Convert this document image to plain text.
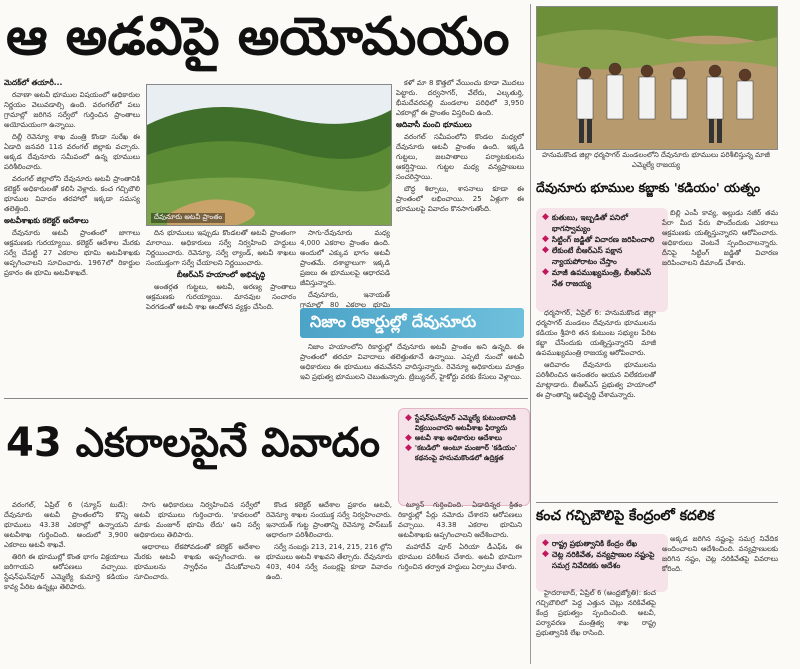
ఆ అడవిపై అయోమయం
మెదక్‌లో తయారీ...

రవాణా అటవీ భూముల విషయంలో అధికారుల నిర్ణయం వెలువడాల్సి ఉంది. వరంగల్‌లో పలు గ్రామాల్లో జరిగిన సర్వేలో గుర్తించిన ప్రాంతాలు అయోమయంగా ఉన్నాయి.

దిల్లీ రెవెన్యూ శాఖ మంత్రి కొండా సురేఖ ఈ ఏడాది జనవరి 11న వరంగల్ జిల్లాకు వచ్చారు. అక్కడ దేవునూరు సమీపంలో ఉన్న భూములు పరిశీలించారు.

వరంగల్ జిల్లాలోని దేవునూరు అటవీ ప్రాంతానికి కలెక్టర్ అధికారులతో కలిసి వెళ్లారు. కంచ గచ్చిబౌలి భూముల వివాదం తరహాలో ఇక్కడా సమస్య తలెత్తింది.

అటవీశాఖకు కలెక్టర్ ఆదేశాలు

దేవునూరు అటవీ ప్రాంతంలో జాగాలు ఆక్రమణకు గురయ్యాయి. కలెక్టర్ ఆదేశాల మేరకు సర్వే చేపట్టి 27 ఎకరాల భూమి అటవీశాఖకు అప్పగించాలని సూచించారు. 1967లో రికార్డుల ప్రకారం ఈ భూమి అటవీశాఖదే.

దేవునూరు అటవీ ప్రాంతం

దిన భూములు ఇప్పుడు కొండలతో అటవీ ప్రాంతంగా మారాయి. అధికారులు సర్వే నిర్వహించి హద్దులు నిర్ణయించారు. రెవెన్యూ, సర్వే ల్యాండ్, అటవీ శాఖలు సంయుక్తంగా సర్వే చేయాలని నిర్ణయించారు.

బీఆర్ఎస్ హయాంలో అభివృద్ధి

అంతర్గత గుట్టలు, అటవీ, అరణ్య ప్రాంతాలు ఆక్రమణకు గురయ్యాయి. మానవుల సంచారం పెరగడంతో అటవీ శాఖ ఆందోళన వ్యక్తం చేసింది.

సాగు-దేవునూరు మధ్య 4,000 ఎకరాల ప్రాంతం ఉంది. అందులో ఎక్కువ భాగం అటవీ ప్రాంతమే. దశాబ్దాలుగా ఇక్కడి ప్రజలు ఈ భూములపై ఆధారపడి జీవిస్తున్నారు.

దేవునూరు, ఇనాయత్ గ్రామాల్లో 80 ఎకరాల భూమి

కళో మా 8 కొత్తలో వేయించు కూడా మొదలు పెట్టారు. దర్వసాగర్, వేలేరు, ఎల్కతుర్తి, భీమదేవరపల్లి మండలాల పరిధిలో 3,950 ఎకరాల్లో ఈ ప్రాంతం విస్తరించి ఉంది.

ఆదివాసీ మంచి భూములు

వరంగల్ సమీపంలోని కొండల మధ్యలో దేవునూరు అటవీ ప్రాంతం ఉంది. ఇక్కడి గుట్టలు, జలపాతాలు పర్యాటకులను ఆకర్షిస్తాయి. గుట్టల మధ్య వన్యప్రాణులు సంచరిస్తాయి.

బౌద్ధ శిల్పాలు, శాసనాలు కూడా ఈ ప్రాంతంలో లభించాయి. 25 ఏళ్లుగా ఈ భూములపై వివాదం కొనసాగుతోంది.

నిజాం రికార్డుల్లో దేవునూరు

నిజాం హయాంలోని రికార్డుల్లో దేవునూరు అటవీ ప్రాంతం అని ఉన్నది. ఈ ప్రాంతంలో తరచూ వివాదాలు తలెత్తుతూనే ఉన్నాయి. ఎప్పటి నుంచో అటవీ అధికారులు ఈ భూములు తమవేనని వాదిస్తున్నారు. రెవెన్యూ అధికారులు మాత్రం ఇవి ప్రభుత్వ భూములని చెబుతున్నారు. ట్రిబ్యునల్, హైకోర్టు వరకు కేసులు వెళ్లాయి.

43 ఎకరాలపైనే వివాదం
◆ స్టేషన్‌ఘన్‌పూర్ ఎమ్మెల్యే కుటుంబానికి విక్రయించారని అటవీశాఖ ఫిర్యాదు
◆ అటవీ శాఖ అధికారుల ఆదేశాలు
◆ 'కబడిలో' అంటూ మంజూర్ 'కడియం' కథనంపై హనుమకొండలో ఉద్రిక్తత

వరంగల్, ఏప్రిల్ 6 (న్యూస్ టుడే): దేవునూరు అటవీ ప్రాంతంలోని కొన్ని భూములు 43.38 ఎకరాల్లో ఉన్నాయని అటవీశాఖ గుర్తించింది. అందులో 3,900 ఎకరాలు అటవీ శాఖవే.

తిరిగి ఈ భూముల్లో కొంత భాగం విక్రయాలు జరిగాయని ఆరోపణలు వచ్చాయి. స్టేషన్‌ఘన్‌పూర్ ఎమ్మెల్యే కుమార్తె కడియం కావ్య పేరిట ఉన్నట్లు తెలిపారు.

సాగు అధికారులు నిర్వహించిన సర్వేలో అటవీ భూములు గుర్తించారు. 'కావలంలో మాకు మంజూర్ భూమి లేదు' అని సర్వే అధికారులు తెలిపారు.

ఆధారాలు లేకపోవడంతో కలెక్టర్ ఆదేశాల మేరకు అటవీ శాఖకు అప్పగించారు. ఆ భూములను స్వాధీనం చేసుకోవాలని సూచించారు.

కొండ కలెక్టర్ ఆదేశాల ప్రకారం అటవీ, రెవెన్యూ శాఖల సంయుక్త సర్వే నిర్వహించారు. ఇనాయత్ గుట్ట ప్రాంతాన్ని రెవెన్యూ పాస్‌బుక్ ఆధారంగా పరిశీలించారు.

సర్వే నంబర్లు 213, 214, 215, 216 ల్లోని భూములు అటవీ శాఖవని తేల్చారు. దేవునూరు 403, 404 సర్వే నంబర్లపై కూడా వివాదం ఉంది.

ట్యూన్ గుర్తించింది. ఏడాదిన్నర క్రితం రికార్డుల్లో పేర్లు నమోదు చేశారని ఆరోపణలు వచ్చాయి. 43.38 ఎకరాల భూమిని అటవీశాఖకు అప్పగించాలని ఆదేశించారు.

మహాదేవ్ పూర్ ఏరియా డీఎఫ్‌ఓ ఈ భూముల పరిశీలన చేశారు. అటవీ భూమిగా గుర్తించిన తర్వాత హద్దులు ఏర్పాటు చేశారు.

హనుమకొండ జిల్లా ధర్మసాగర్ మండలంలోని దేవునూరు భూములు పరిశీలిస్తున్న మాజీ ఎమ్మెల్యే రాజయ్య
దేవునూరు భూముల కబ్జాకు 'కడియం' యత్నం
◆ కుతుబు, ఇబ్బడితో పనిలో భాగస్వామ్యం
◆ సిట్టింగ్ జడ్జితో విచారణ జరిపించాలి
◆ లేకుంటే బీఆర్ఎస్ పక్షాన న్యాయపోరాటం చేస్తాం
◆ మాజీ ఉపముఖ్యమంత్రి, బీఆర్ఎస్ నేత రాజయ్య

బిల్లి ఎంపీ కావ్య, అల్లుడు నజీర్ తమ పేరా మీద పేరు పొందేందుకు ఎకరాలు ఆక్రమణకు యత్నిస్తున్నారని ఆరోపించారు. అధికారులు వెంటనే స్పందించాలన్నారు. దీనిపై సిట్టింగ్ జడ్జితో విచారణ జరిపించాలని డిమాండ్ చేశారు.

ధర్మసాగర్, ఏప్రిల్ 6: హనుమకొండ జిల్లా ధర్మసాగర్ మండలం దేవునూరు భూములను కడియం శ్రీహరి తన కుటుంబ సభ్యుల పేరిట కబ్జా చేసేందుకు యత్నిస్తున్నారని మాజీ ఉపముఖ్యమంత్రి రాజయ్య ఆరోపించారు.

ఆదివారం దేవునూరు భూములను పరిశీలించిన అనంతరం ఆయన విలేకరులతో మాట్లాడారు. బీఆర్ఎస్ ప్రభుత్వ హయాంలో ఈ ప్రాంతాన్ని అభివృద్ధి చేశామన్నారు.

కంచ గచ్చిబౌలిపై కేంద్రంలో కదలిక
◆ రాష్ట్ర ప్రభుత్వానికి కేంద్రం లేఖ
◆ చెట్ల నరికివేత, వన్యప్రాణుల నష్టంపై సమగ్ర నివేదికకు ఆదేశం

హైదరాబాద్, ఏప్రిల్ 6 (ఆంధ్రజ్యోతి): కంచ గచ్చిబౌలిలో పెద్ద ఎత్తున చెట్లు నరికివేతపై కేంద్ర ప్రభుత్వం స్పందించింది. అటవీ, పర్యావరణ మంత్రిత్వ శాఖ రాష్ట్ర ప్రభుత్వానికి లేఖ రాసింది.

అక్కడ జరిగిన నష్టంపై సమగ్ర నివేదిక అందించాలని ఆదేశించింది. వన్యప్రాణులకు జరిగిన నష్టం, చెట్ల నరికివేతపై వివరాలు కోరింది.
